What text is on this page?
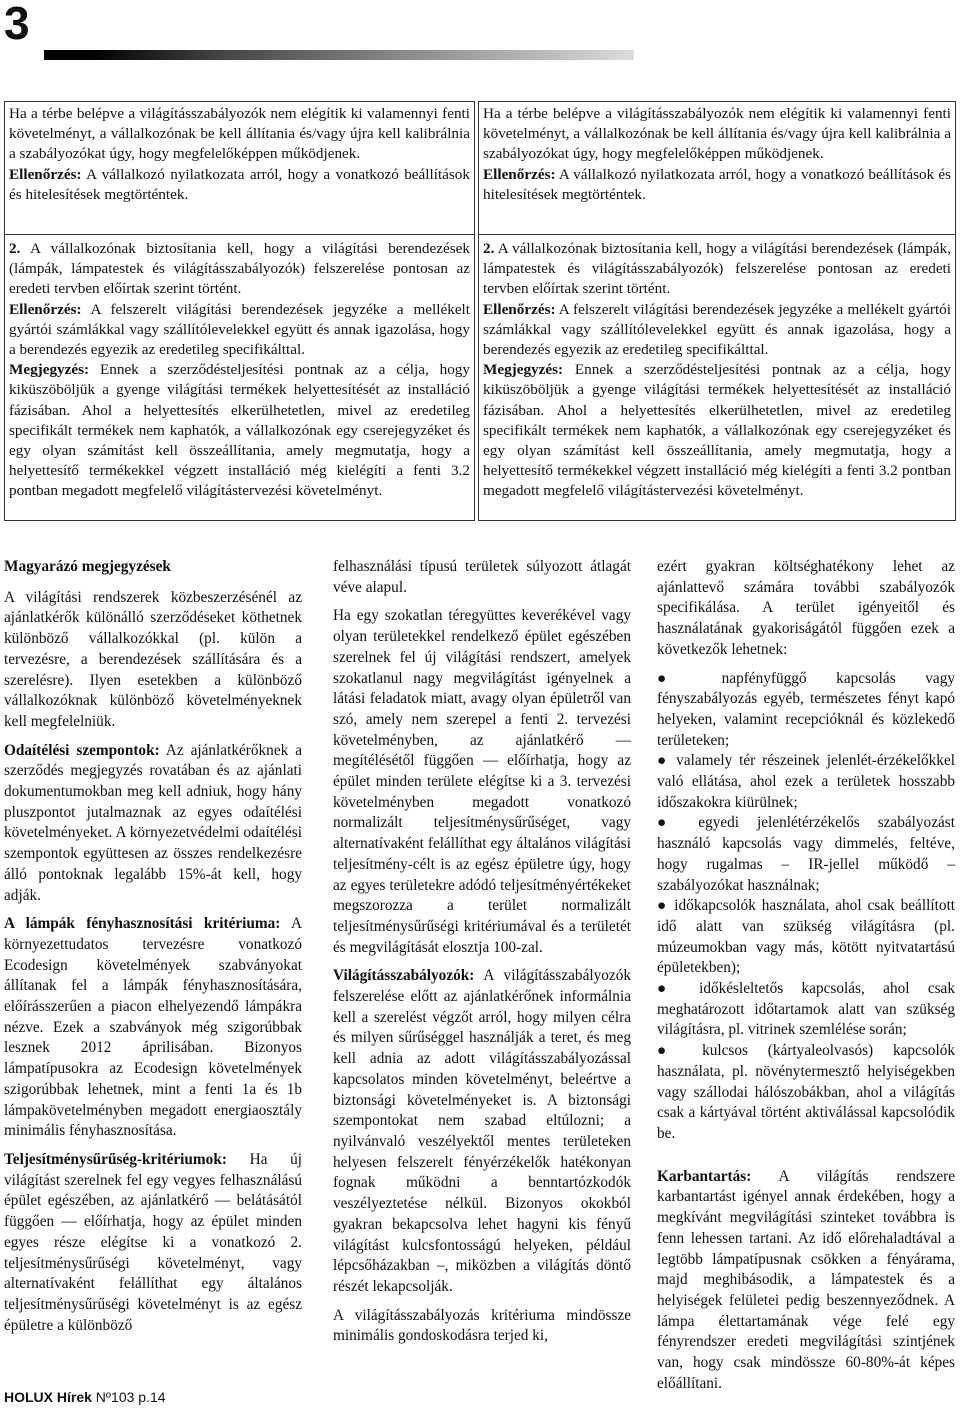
3

Ha a térbe belépve a világításszabályozók nem elégítik ki valamennyi fenti követelményt, a vállalkozónak be kell állítania és/vagy újra kell kalibrálnia a szabályozókat úgy, hogy megfelelőképpen működjenek.

Ellenőrzés: A vállalkozó nyilatkozata arról, hogy a vonatkozó beállítások és hitelesítések megtörténtek.

2. A vállalkozónak biztosítania kell, hogy a világítási berendezések (lámpák, lámpatestek és világításszabályozók) felszerelése pontosan az eredeti tervben előírtak szerint történt.

Ellenőrzés: A felszerelt világítási berendezések jegyzéke a mellékelt gyártói számlákkal vagy szállítólevelekkel együtt és annak igazolása, hogy a berendezés egyezik az eredetileg specifikálttal.

Megjegyzés: Ennek a szerződésteljesítési pontnak az a célja, hogy kiküszöböljük a gyenge világítási termékek helyettesítését az installáció fázisában. Ahol a helyettesítés elkerülhetetlen, mivel az eredetileg specifikált termékek nem kaphatók, a vállalkozónak egy cserejegyzéket és egy olyan számítást kell összeállítania, amely megmutatja, hogy a helyettesítő termékekkel végzett installáció még kielégíti a fenti 3.2 pontban megadott megfelelő világítástervezési követelményt.

Ha a térbe belépve a világításszabályozók nem elégítik ki valamennyi fenti követelményt, a vállalkozónak be kell állítania és/vagy újra kell kalibrálnia a szabályozókat úgy, hogy megfelelőképpen működjenek.

Ellenőrzés: A vállalkozó nyilatkozata arról, hogy a vonatkozó beállítások és hitelesítések megtörténtek.

2. A vállalkozónak biztosítania kell, hogy a világítási berendezések (lámpák, lámpatestek és világításszabályozók) felszerelése pontosan az eredeti tervben előírtak szerint történt.

Ellenőrzés: A felszerelt világítási berendezések jegyzéke a mellékelt gyártói számlákkal vagy szállítólevelekkel együtt és annak igazolása, hogy a berendezés egyezik az eredetileg specifikálttal.

Megjegyzés: Ennek a szerződésteljesítési pontnak az a célja, hogy kiküszöböljük a gyenge világítási termékek helyettesítését az installáció fázisában. Ahol a helyettesítés elkerülhetetlen, mivel az eredetileg specifikált termékek nem kaphatók, a vállalkozónak egy cserejegyzéket és egy olyan számítást kell összeállítania, amely megmutatja, hogy a helyettesítő termékekkel végzett installáció még kielégíti a fenti 3.2 pontban megadott megfelelő világítástervezési követelményt.

Magyarázó megjegyzések

A világítási rendszerek közbeszerzésénél az ajánlatkérők különálló szerződéseket köthetnek különböző vállalkozókkal (pl. külön a tervezésre, a berendezések szállítására és a szerelésre). Ilyen esetekben a különböző vállalkozóknak különböző követelményeknek kell megfelelniük.

Odaítélési szempontok: Az ajánlatkérőknek a szerződés megjegyzés rovatában és az ajánlati dokumentumokban meg kell adniuk, hogy hány pluszpontot jutalmaznak az egyes odaítélési követelményeket. A környezetvédelmi odaítélési szempontok együttesen az összes rendelkezésre álló pontoknak legalább 15%-át kell, hogy adják.

A lámpák fényhasznosítási kritériuma: A környezettudatos tervezésre vonatkozó Ecodesign követelmények szabványokat állítanak fel a lámpák fényhasznosítására, előírásszerűen a piacon elhelyezendő lámpákra nézve. Ezek a szabványok még szigorúbbak lesznek 2012 áprilisában. Bizonyos lámpatípusokra az Ecodesign követelmények szigorúbbak lehetnek, mint a fenti 1a és 1b lámpakövetelményben megadott energiaosztály minimális fényhasznosítása.

Teljesítménysűrűség-kritériumok: Ha új világítást szerelnek fel egy vegyes felhasználású épület egészében, az ajánlatkérő — belátásától függően — előírhatja, hogy az épület minden egyes része elégítse ki a vonatkozó 2. teljesítménysűrűségi követelményt, vagy alternatívaként felállíthat egy általános teljesítménysűrűségi követelményt is az egész épületre a különböző

felhasználási típusú területek súlyozott átlagát véve alapul.

Ha egy szokatlan téregyüttes keverékével vagy olyan területekkel rendelkező épület egészében szerelnek fel új világítási rendszert, amelyek szokatlanul nagy megvilágítást igényelnek a látási feladatok miatt, avagy olyan épületről van szó, amely nem szerepel a fenti 2. tervezési követelményben, az ajánlatkérő — megítélésétől függően — előírhatja, hogy az épület minden területe elégítse ki a 3. tervezési követelményben megadott vonatkozó normalizált teljesítménysűrűséget, vagy alternatívaként felállíthat egy általános világítási teljesítmény-célt is az egész épületre úgy, hogy az egyes területekre adódó teljesítményértékeket megszorozza a terület normalizált teljesítménysűrűségi kritériumával és a területét és megvilágítását elosztja 100-zal.

Világításszabályozók: A világításszabályozók felszerelése előtt az ajánlatkérőnek informálnia kell a szerelést végzőt arról, hogy milyen célra és milyen sűrűséggel használják a teret, és meg kell adnia az adott világításszabályozással kapcsolatos minden követelményt, beleértve a biztonsági követelményeket is. A biztonsági szempontokat nem szabad eltúlozni; a nyilvánvaló veszélyektől mentes területeken helyesen felszerelt fényérzékelők hatékonyan fognak működni a benntartózkodók veszélyeztetése nélkül. Bizonyos okokból gyakran bekapcsolva lehet hagyni kis fényű világítást kulcsfontosságú helyeken, például lépcsőházakban –, miközben a világítás döntő részét lekapcsolják.

A világításszabályozás kritériuma mindössze minimális gondoskodásra terjed ki,

ezért gyakran költséghatékony lehet az ajánlattevő számára további szabályozók specifikálása. A terület igényeitől és használatának gyakoriságától függően ezek a következők lehetnek:

● napfényfüggő kapcsolás vagy fényszabályozás egyéb, természetes fényt kapó helyeken, valamint recepcióknál és közlekedő területeken;

● valamely tér részeinek jelenlét-érzékelőkkel való ellátása, ahol ezek a területek hosszabb időszakokra kiürülnek;

● egyedi jelenlétérzékelős szabályozást használó kapcsolás vagy dimmelés, feltéve, hogy rugalmas – IR-jellel működő – szabályozókat használnak;

● időkapcsolók használata, ahol csak beállított idő alatt van szükség világításra (pl. múzeumokban vagy más, kötött nyitvatartású épületekben);

● időkésleltetős kapcsolás, ahol csak meghatározott időtartamok alatt van szükség világításra, pl. vitrinek szemlélése során;

● kulcsos (kártyaleolvasós) kapcsolók használata, pl. növénytermesztő helyiségekben vagy szállodai hálószobákban, ahol a világítás csak a kártyával történt aktiválással kapcsolódik be.

Karbantartás: A világítás rendszere karbantartást igényel annak érdekében, hogy a megkívánt megvilágítási szinteket továbbra is fenn lehessen tartani. Az idő előrehaladtával a legtöbb lámpatípusnak csökken a fényárama, majd meghibásodik, a lámpatestek és a helyiségek felületei pedig beszennyeződnek. A lámpa élettartamának vége felé egy fényrendszer eredeti megvilágítási szintjének van, hogy csak mindössze 60-80%-át képes előállítani.

HOLUX Hírek Nº103 p.14
